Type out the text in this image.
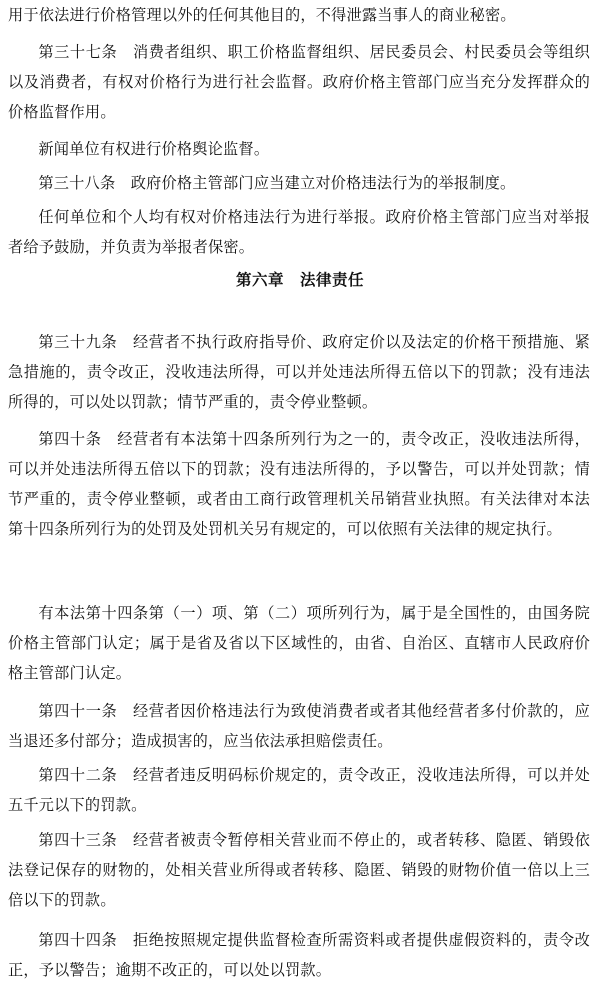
用于依法进行价格管理以外的任何其他目的，不得泄露当事人的商业秘密。

第三十七条　消费者组织、职工价格监督组织、居民委员会、村民委员会等组织以及消费者，有权对价格行为进行社会监督。政府价格主管部门应当充分发挥群众的价格监督作用。

新闻单位有权进行价格舆论监督。

第三十八条　政府价格主管部门应当建立对价格违法行为的举报制度。

任何单位和个人均有权对价格违法行为进行举报。政府价格主管部门应当对举报者给予鼓励，并负责为举报者保密。

第六章　法律责任

第三十九条　经营者不执行政府指导价、政府定价以及法定的价格干预措施、紧急措施的，责令改正，没收违法所得，可以并处违法所得五倍以下的罚款；没有违法所得的，可以处以罚款；情节严重的，责令停业整顿。

第四十条　经营者有本法第十四条所列行为之一的，责令改正，没收违法所得，可以并处违法所得五倍以下的罚款；没有违法所得的，予以警告，可以并处罚款；情节严重的，责令停业整顿，或者由工商行政管理机关吊销营业执照。有关法律对本法第十四条所列行为的处罚及处罚机关另有规定的，可以依照有关法律的规定执行。

有本法第十四条第（一）项、第（二）项所列行为，属于是全国性的，由国务院价格主管部门认定；属于是省及省以下区域性的，由省、自治区、直辖市人民政府价格主管部门认定。

第四十一条　经营者因价格违法行为致使消费者或者其他经营者多付价款的，应当退还多付部分；造成损害的，应当依法承担赔偿责任。

第四十二条　经营者违反明码标价规定的，责令改正，没收违法所得，可以并处五千元以下的罚款。

第四十三条　经营者被责令暂停相关营业而不停止的，或者转移、隐匿、销毁依法登记保存的财物的，处相关营业所得或者转移、隐匿、销毁的财物价值一倍以上三倍以下的罚款。

第四十四条　拒绝按照规定提供监督检查所需资料或者提供虚假资料的，责令改正，予以警告；逾期不改正的，可以处以罚款。
